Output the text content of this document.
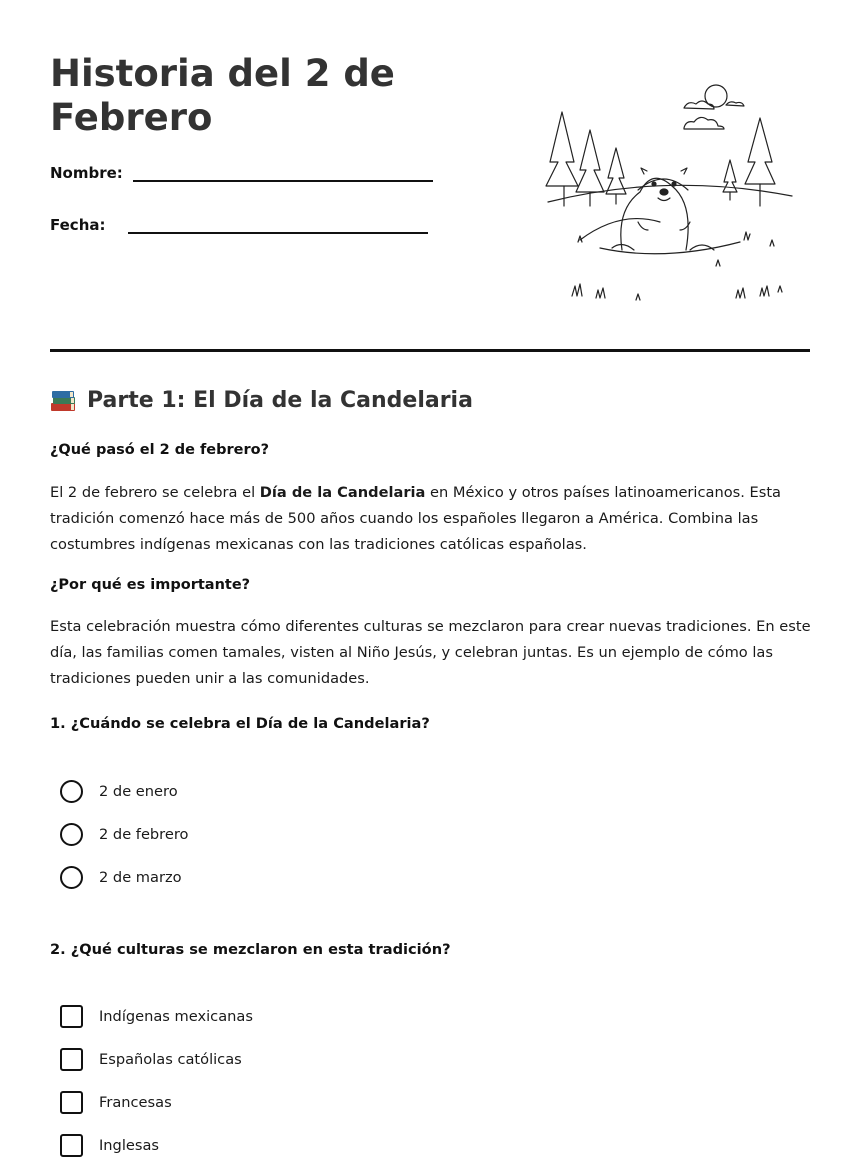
Historia del 2 de Febrero
Nombre:
Fecha:
Parte 1: El Día de la Candelaria
¿Qué pasó el 2 de febrero?

El 2 de febrero se celebra el Día de la Candelaria en México y otros países latinoamericanos. Esta tradición comenzó hace más de 500 años cuando los españoles llegaron a América. Combina las costumbres indígenas mexicanas con las tradiciones católicas españolas.

¿Por qué es importante?

Esta celebración muestra cómo diferentes culturas se mezclaron para crear nuevas tradiciones. En este día, las familias comen tamales, visten al Niño Jesús, y celebran juntas. Es un ejemplo de cómo las tradiciones pueden unir a las comunidades.

1. ¿Cuándo se celebra el Día de la Candelaria?
2 de enero
2 de febrero
2 de marzo
2. ¿Qué culturas se mezclaron en esta tradición?
Indígenas mexicanas
Españolas católicas
Francesas
Inglesas
